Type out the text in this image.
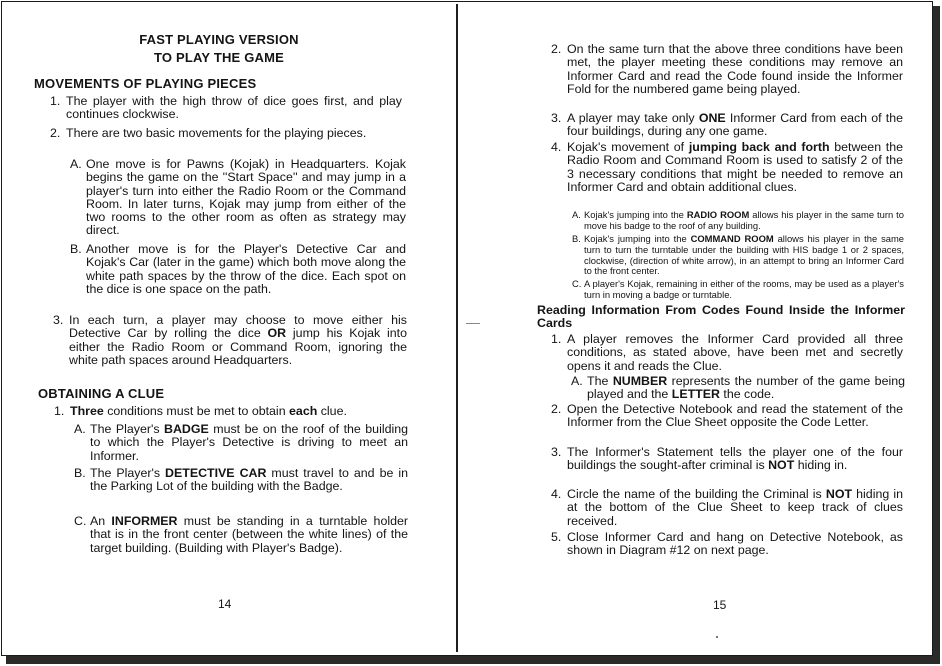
FAST PLAYING VERSION
TO PLAY THE GAME
MOVEMENTS OF PLAYING PIECES
1. The player with the high throw of dice goes first, and play continues clockwise.
2. There are two basic movements for the playing pieces.
A. One move is for Pawns (Kojak) in Headquarters. Kojak begins the game on the ''Start Space'' and may jump in a player's turn into either the Radio Room or the Command Room. In later turns, Kojak may jump from either of the two rooms to the other room as often as strategy may direct.
B. Another move is for the Player's Detective Car and Kojak's Car (later in the game) which both move along the white path spaces by the throw of the dice. Each spot on the dice is one space on the path.
3. In each turn, a player may choose to move either his Detective Car by rolling the dice OR jump his Kojak into either the Radio Room or Command Room, ignoring the white path spaces around Headquarters.
OBTAINING A CLUE
1. Three conditions must be met to obtain each clue.
A. The Player's BADGE must be on the roof of the building to which the Player's Detective is driving to meet an Informer.
B. The Player's DETECTIVE CAR must travel to and be in the Parking Lot of the building with the Badge.
C. An INFORMER must be standing in a turntable holder that is in the front center (between the white lines) of the target building. (Building with Player's Badge).
14
2. On the same turn that the above three conditions have been met, the player meeting these conditions may remove an Informer Card and read the Code found inside the Informer Fold for the numbered game being played.
3. A player may take only ONE Informer Card from each of the four buildings, during any one game.
4. Kojak's movement of jumping back and forth between the Radio Room and Command Room is used to satisfy 2 of the 3 necessary conditions that might be needed to remove an Informer Card and obtain additional clues.
A. Kojak's jumping into the RADIO ROOM allows his player in the same turn to move his badge to the roof of any building.
B. Kojak's jumping into the COMMAND ROOM allows his player in the same turn to turn the turntable under the building with HIS badge 1 or 2 spaces, clockwise, (direction of white arrow), in an attempt to bring an Informer Card to the front center.
C. A player's Kojak, remaining in either of the rooms, may be used as a player's turn in moving a badge or turntable.
Reading Information From Codes Found Inside the Informer Cards
1. A player removes the Informer Card provided all three conditions, as stated above, have been met and secretly opens it and reads the Clue.
A. The NUMBER represents the number of the game being played and the LETTER the code.
2. Open the Detective Notebook and read the statement of the Informer from the Clue Sheet opposite the Code Letter.
3. The Informer's Statement tells the player one of the four buildings the sought-after criminal is NOT hiding in.
4. Circle the name of the building the Criminal is NOT hiding in at the bottom of the Clue Sheet to keep track of clues received.
5. Close Informer Card and hang on Detective Notebook, as shown in Diagram #12 on next page.
15
